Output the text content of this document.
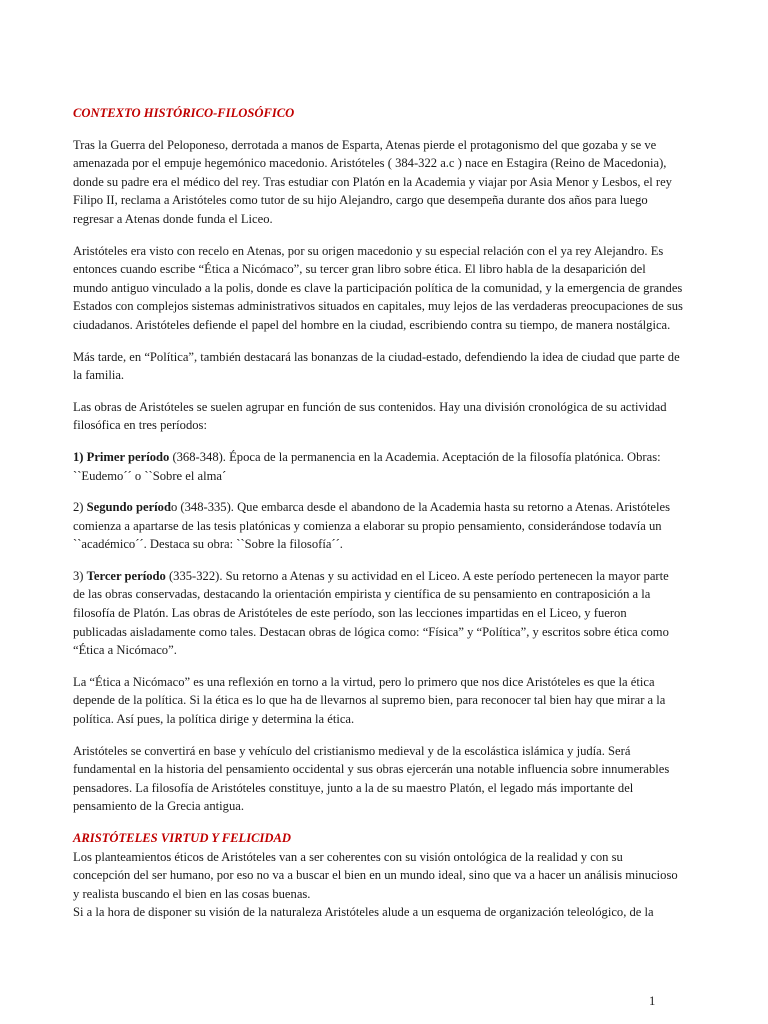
CONTEXTO HISTÓRICO-FILOSÓFICO

Tras la Guerra del Peloponeso, derrotada a manos de Esparta, Atenas pierde el protagonismo del que gozaba y se ve amenazada por el empuje hegemónico macedonio. Aristóteles ( 384-322 a.c ) nace en Estagira (Reino de Macedonia), donde su padre era el médico del rey. Tras estudiar con Platón en la Academia y viajar por Asia Menor y Lesbos, el rey Filipo II, reclama a Aristóteles como tutor de su hijo Alejandro, cargo que desempeña durante dos años para luego regresar a Atenas donde funda el Liceo.

Aristóteles era visto con recelo en Atenas, por su origen macedonio y su especial relación con el ya rey Alejandro. Es entonces cuando escribe “Ética a Nicómaco”, su tercer gran libro sobre ética. El libro habla de la desaparición del mundo antiguo vinculado a la polis, donde es clave la participación política de la comunidad, y la emergencia de grandes Estados con complejos sistemas administrativos situados en capitales, muy lejos de las verdaderas preocupaciones de sus ciudadanos. Aristóteles defiende el papel del hombre en la ciudad, escribiendo contra su tiempo, de manera nostálgica.

Más tarde, en “Política”, también destacará las bonanzas de la ciudad-estado, defendiendo la idea de ciudad que parte de la familia.

Las obras de Aristóteles se suelen agrupar en función de sus contenidos. Hay una división cronológica de su actividad filosófica en tres períodos:

1) Primer período (368-348). Época de la permanencia en la Academia. Aceptación de la filosofía platónica. Obras: ``Eudemo´´ o ``Sobre el alma´

2) Segundo período (348-335). Que embarca desde el abandono de la Academia hasta su retorno a Atenas. Aristóteles comienza a apartarse de las tesis platónicas y comienza a elaborar su propio pensamiento, considerándose todavía un ``académico´´. Destaca su obra: ``Sobre la filosofía´´.

3) Tercer período (335-322). Su retorno a Atenas y su actividad en el Liceo. A este período pertenecen la mayor parte de las obras conservadas, destacando la orientación empirista y científica de su pensamiento en contraposición a la filosofía de Platón. Las obras de Aristóteles de este período, son las lecciones impartidas en el Liceo, y fueron publicadas aisladamente como tales. Destacan obras de lógica como: “Física” y “Política”, y escritos sobre ética como “Ética a Nicómaco”.

La “Ética a Nicómaco” es una reflexión en torno a la virtud, pero lo primero que nos dice Aristóteles es que la ética depende de la política. Si la ética es lo que ha de llevarnos al supremo bien, para reconocer tal bien hay que mirar a la política. Así pues, la política dirige y determina la ética.

Aristóteles se convertirá en base y vehículo del cristianismo medieval y de la escolástica islámica y judía. Será fundamental en la historia del pensamiento occidental y sus obras ejercerán una notable influencia sobre innumerables pensadores. La filosofía de Aristóteles constituye, junto a la de su maestro Platón, el legado más importante del pensamiento de la Grecia antigua.

ARISTÓTELES VIRTUD Y FELICIDAD

Los planteamientos éticos de Aristóteles van a ser coherentes con su visión ontológica de la realidad y con su concepción del ser humano, por eso no va a buscar el bien en un mundo ideal, sino que va a hacer un análisis minucioso y realista buscando el bien en las cosas buenas.

Si a la hora de disponer su visión de la naturaleza Aristóteles alude a un esquema de organización teleológico, de la

1
